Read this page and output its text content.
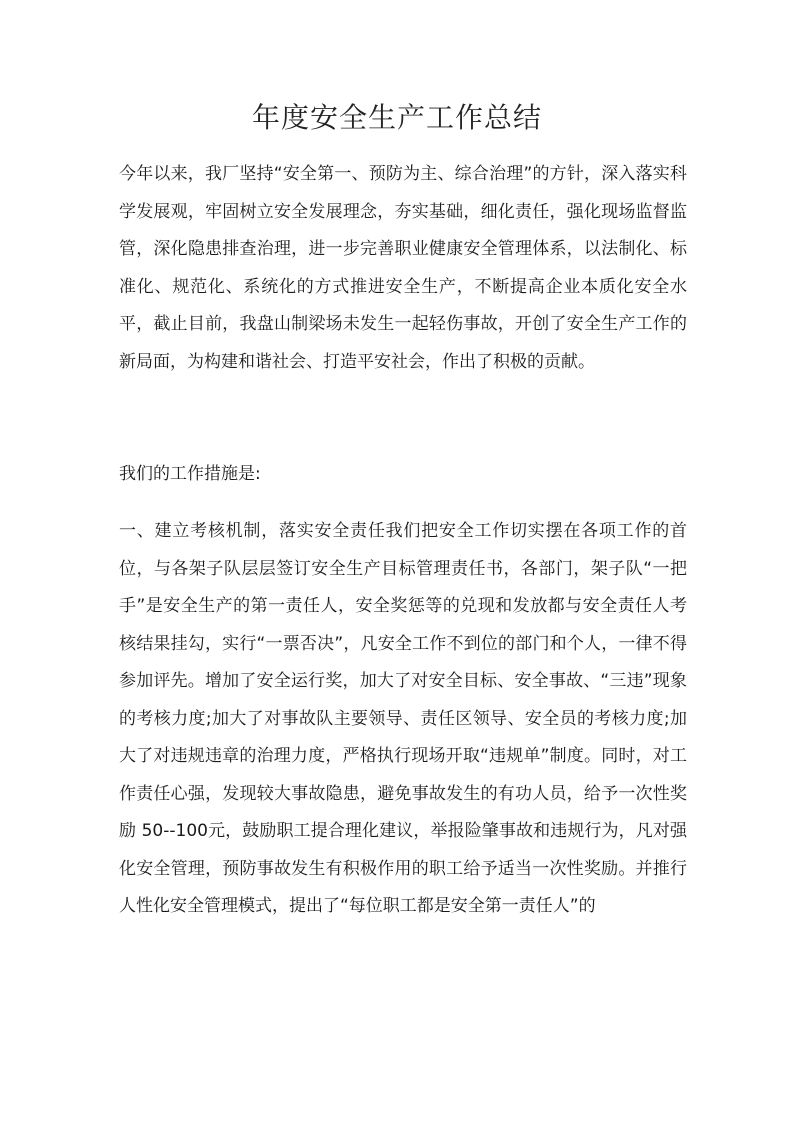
年度安全生产工作总结

今年以来，我厂坚持“安全第一、预防为主、综合治理”的方针，深入落实科学发展观，牢固树立安全发展理念，夯实基础，细化责任，强化现场监督监管，深化隐患排查治理，进一步完善职业健康安全管理体系，以法制化、标准化、规范化、系统化的方式推进安全生产，不断提高企业本质化安全水平，截止目前，我盘山制梁场未发生一起轻伤事故，开创了安全生产工作的新局面，为构建和谐社会、打造平安社会，作出了积极的贡献。

我们的工作措施是:

一、建立考核机制，落实安全责任我们把安全工作切实摆在各项工作的首位，与各架子队层层签订安全生产目标管理责任书，各部门，架子队“一把手”是安全生产的第一责任人，安全奖惩等的兑现和发放都与安全责任人考核结果挂勾，实行“一票否决”，凡安全工作不到位的部门和个人，一律不得参加评先。增加了安全运行奖，加大了对安全目标、安全事故、“三违”现象的考核力度;加大了对事故队主要领导、责任区领导、安全员的考核力度;加大了对违规违章的治理力度，严格执行现场开取“违规单”制度。同时，对工作责任心强，发现较大事故隐患，避免事故发生的有功人员，给予一次性奖励 50--100元，鼓励职工提合理化建议，举报险肇事故和违规行为，凡对强化安全管理，预防事故发生有积极作用的职工给予适当一次性奖励。并推行人性化安全管理模式，提出了“每位职工都是安全第一责任人”的
